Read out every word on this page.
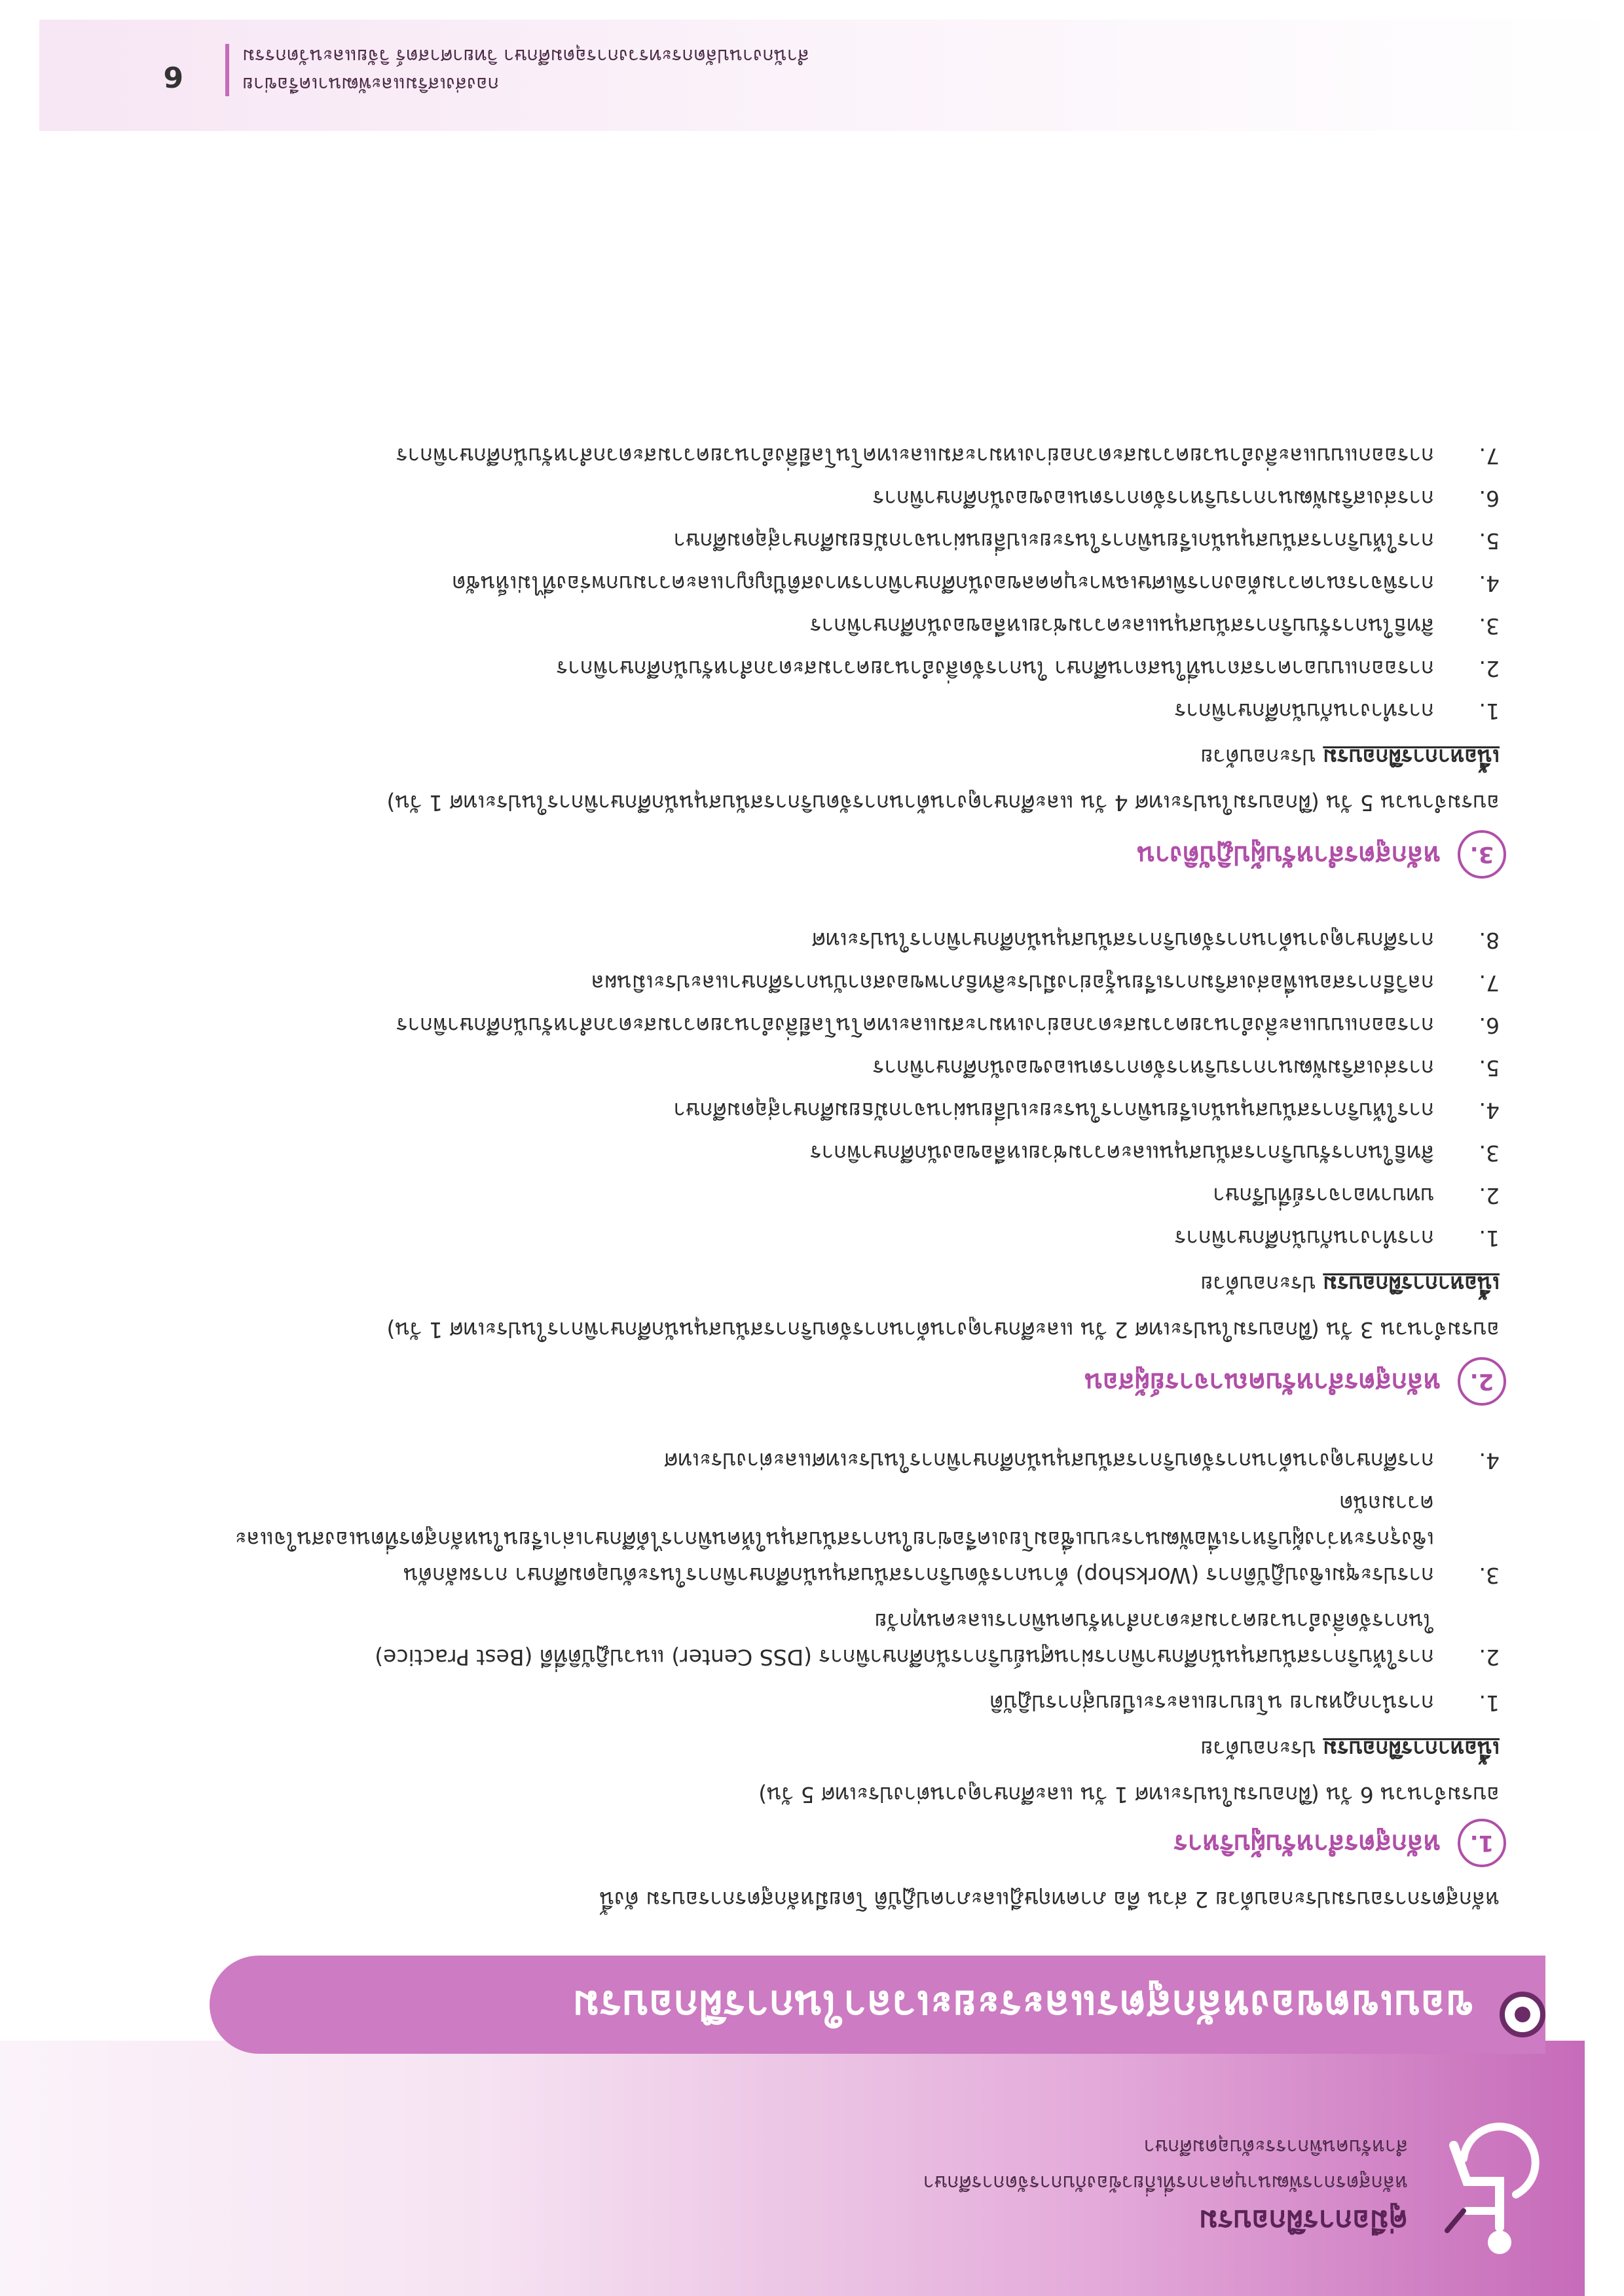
คู่มือการฝึกอบรม
หลักสูตรการพัฒนาบุคลากรที่เกี่ยวข้องกับการจัดการศึกษา
สำหรับคนพิการระดับอุดมศึกษา
ขอบเขตของหลักสูตรและระยะเวลาในการฝึกอบรม
หลักสูตรการอบรมประกอบด้วย 2 ส่วน คือ ภาคทฤษฎีและภาคปฏิบัติ โดยมีหลักสูตรการอบรม ดังนี้
1.
หลักสูตรสำหรับผู้บริหาร
อบรมจำนวน 6 วัน (ฝึกอบรมในประเทศ 1 วัน และศึกษาดูงานต่างประเทศ 5 วัน)
เนื้อหาการฝึกอบรม ประกอบด้วย
1.
การนำกฎหมาย นโยบายและระเบียบสู่การปฏิบัติ
2.
การให้บริการสนับสนุนนักศึกษาพิการผ่านศูนย์บริการนักศึกษาพิการ (DSS Center) แนวปฏิบัติที่ดี (Best Practice)
ในการจัดสิ่งอำนวยความสะดวกสำหรับคนพิการและคนทุกวัย
3.
การประชุมเชิงปฏิบัติการ (Workshop) ด้านการจัดบริการสนับสนุนนักศึกษาพิการในระดับอุดมศึกษา การผลักดัน
เชิงรุกระหว่างผู้บริหารเพื่อพัฒนาระบบเชื่อมโยงเครือข่ายในการสนับสนุนให้คนพิการได้ศึกษาเล่าเรียนในหลักสูตรที่ตนเองสนใจและ
ความถนัด
4.
การศึกษาดูงานด้านการจัดบริการสนับสนุนนักศึกษาพิการในประเทศและต่างประเทศ
2.
หลักสูตรสำหรับคณาจารย์ผู้สอน
อบรมจำนวน 3 วัน (ฝึกอบรมในประเทศ 2 วัน และศึกษาดูงานด้านการจัดบริการสนับสนุนนักศึกษาพิการในประเทศ 1 วัน)
เนื้อหาการฝึกอบรม ประกอบด้วย
1.
การทำงานกับนักศึกษาพิการ
2.
บทบาทอาจารย์ที่ปรึกษา
3.
สิทธิในการรับบริการสนับสนุนและความช่วยเหลือของนักศึกษาพิการ
4.
การให้บริการสนับสนุนนักเรียนพิการในระยะเปลี่ยนผ่านจากมัธยมศึกษาสู่อุดมศึกษา
5.
การส่งเสริมพัฒนาการบริหารจัดการตนเองของนักศึกษาพิการ
6.
การออกแบบและสิ่งอำนวยความสะดวกอย่างเหมาะสมและเทคโนโลยีสิ่งอำนวยความสะดวกสำหรับนักศึกษาพิการ
7.
กลวิธีการสอนเพื่อส่งเสริมการเรียนรู้อย่างมีประสิทธิภาพของสถาบันการศึกษาและประเมินผล
8.
การศึกษาดูงานด้านการจัดบริการสนับสนุนนักศึกษาพิการในประเทศ
3.
หลักสูตรสำหรับผู้ปฏิบัติงาน
อบรมจำนวน 5 วัน (ฝึกอบรมในประเทศ 4 วัน และศึกษาดูงานด้านการจัดบริการสนับสนุนนักศึกษาพิการในประเทศ 1 วัน)
เนื้อหาการฝึกอบรม ประกอบด้วย
1.
การทำงานกับนักศึกษาพิการ
2.
การออกแบบอาคารสถานที่ในสถานศึกษา ในการจัดสิ่งอำนวยความสะดวกสำหรับนักศึกษาพิการ
3.
สิทธิในการรับบริการสนับสนุนและความช่วยเหลือของนักศึกษาพิการ
4.
การพิจารณาความต้องการพิเศษเฉพาะบุคคลของนักศึกษาพิการทางสติปัญญาและความบกพร่องที่ไม่เห็นชัด
5.
การให้บริการสนับสนุนนักเรียนพิการในระยะเปลี่ยนผ่านจากมัธยมศึกษาสู่อุดมศึกษา
6.
การส่งเสริมพัฒนาการบริหารจัดการตนเองของนักศึกษาพิการ
7.
การออกแบบและสิ่งอำนวยความสะดวกอย่างเหมาะสมและเทคโนโลยีสิ่งอำนวยความสะดวกสำหรับนักศึกษาพิการ
กองส่งเสริมและพัฒนาเครือข่าย
สำนักงานปลัดกระทรวงการอุดมศึกษา วิทยาศาสตร์ วิจัยและนวัตกรรม
6
